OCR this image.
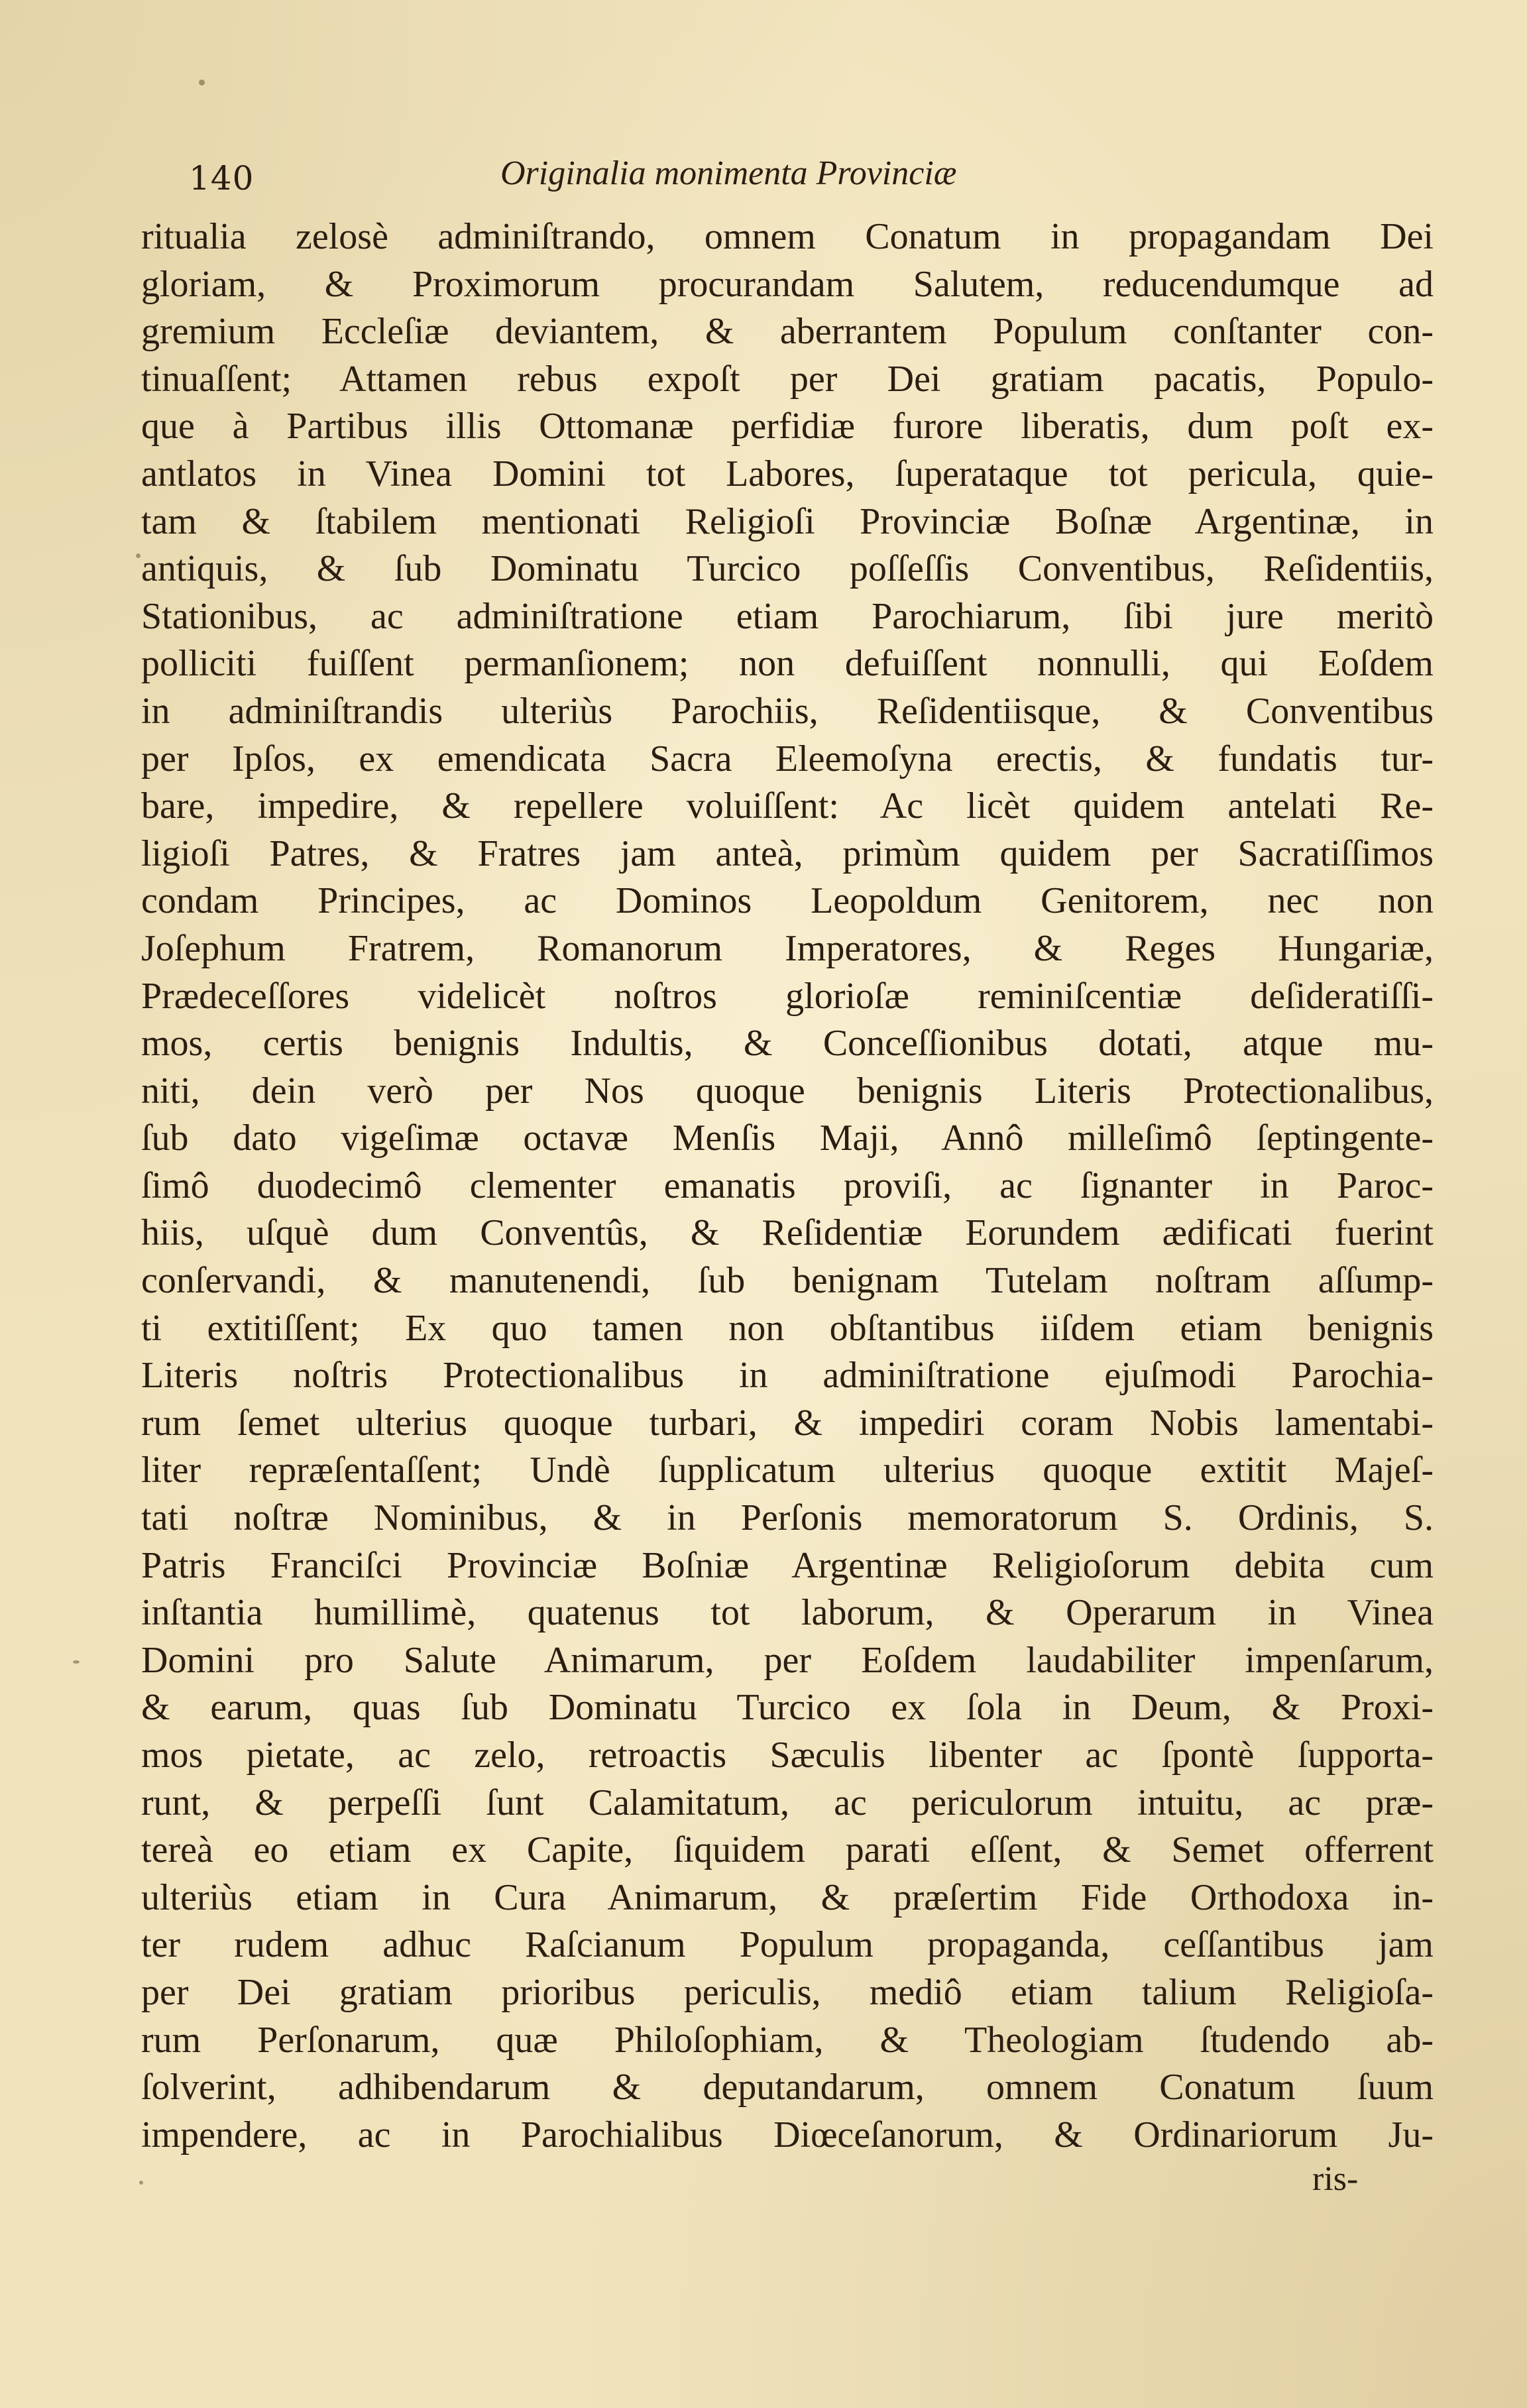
140	Originalia monimenta Provinciæ
ritualia zelosè adminiſtrando, omnem Conatum in propagandam Dei
gloriam, & Proximorum procurandam Salutem, reducendumque ad
gremium Eccleſiæ deviantem, & aberrantem Populum conſtanter con-
tinuaſſent; Attamen rebus expoſt per Dei gratiam pacatis, Populo-
que à Partibus illis Ottomanæ perfidiæ furore liberatis, dum poſt ex-
antlatos in Vinea Domini tot Labores, ſuperataque tot pericula, quie-
tam & ſtabilem mentionati Religioſi Provinciæ Boſnæ Argentinæ, in
antiquis, & ſub Dominatu Turcico poſſeſſis Conventibus, Reſidentiis,
Stationibus, ac adminiſtratione etiam Parochiarum, ſibi jure meritò
polliciti fuiſſent permanſionem; non defuiſſent nonnulli, qui Eoſdem
in adminiſtrandis ulteriùs Parochiis, Reſidentiisque, & Conventibus
per Ipſos, ex emendicata Sacra Eleemoſyna erectis, & fundatis tur-
bare, impedire, & repellere voluiſſent: Ac licèt quidem antelati Re-
ligioſi Patres, & Fratres jam anteà, primùm quidem per Sacratiſſimos
condam Principes, ac Dominos Leopoldum Genitorem, nec non
Joſephum Fratrem, Romanorum Imperatores, & Reges Hungariæ,
Prædeceſſores videlicèt noſtros glorioſæ reminiſcentiæ deſideratiſſi-
mos, certis benignis Indultis, & Conceſſionibus dotati, atque mu-
niti, dein verò per Nos quoque benignis Literis Protectionalibus,
ſub dato vigeſimæ octavæ Menſis Maji, Annô milleſimô ſeptingente-
ſimô duodecimô clementer emanatis proviſi, ac ſignanter in Paroc-
hiis, uſquè dum Conventûs, & Reſidentiæ Eorundem ædificati fuerint
conſervandi, & manutenendi, ſub benignam Tutelam noſtram aſſump-
ti extitiſſent; Ex quo tamen non obſtantibus iiſdem etiam benignis
Literis noſtris Protectionalibus in adminiſtratione ejuſmodi Parochia-
rum ſemet ulterius quoque turbari, & impediri coram Nobis lamentabi-
liter repræſentaſſent; Undè ſupplicatum ulterius quoque extitit Majeſ-
tati noſtræ Nominibus, & in Perſonis memoratorum S. Ordinis, S.
Patris Franciſci Provinciæ Boſniæ Argentinæ Religioſorum debita cum
inſtantia humillimè, quatenus tot laborum, & Operarum in Vinea
Domini pro Salute Animarum, per Eoſdem laudabiliter impenſarum,
& earum, quas ſub Dominatu Turcico ex ſola in Deum, & Proxi-
mos pietate, ac zelo, retroactis Sæculis libenter ac ſpontè ſupporta-
runt, & perpeſſi ſunt Calamitatum, ac periculorum intuitu, ac præ-
tereà eo etiam ex Capite, ſiquidem parati eſſent, & Semet offerrent
ulteriùs etiam in Cura Animarum, & præſertim Fide Orthodoxa in-
ter rudem adhuc Raſcianum Populum propaganda, ceſſantibus jam
per Dei gratiam prioribus periculis, mediô etiam talium Religioſa-
rum Perſonarum, quæ Philoſophiam, & Theologiam ſtudendo ab-
ſolverint, adhibendarum & deputandarum, omnem Conatum ſuum
impendere, ac in Parochialibus Diœceſanorum, & Ordinariorum Ju-
ris-
